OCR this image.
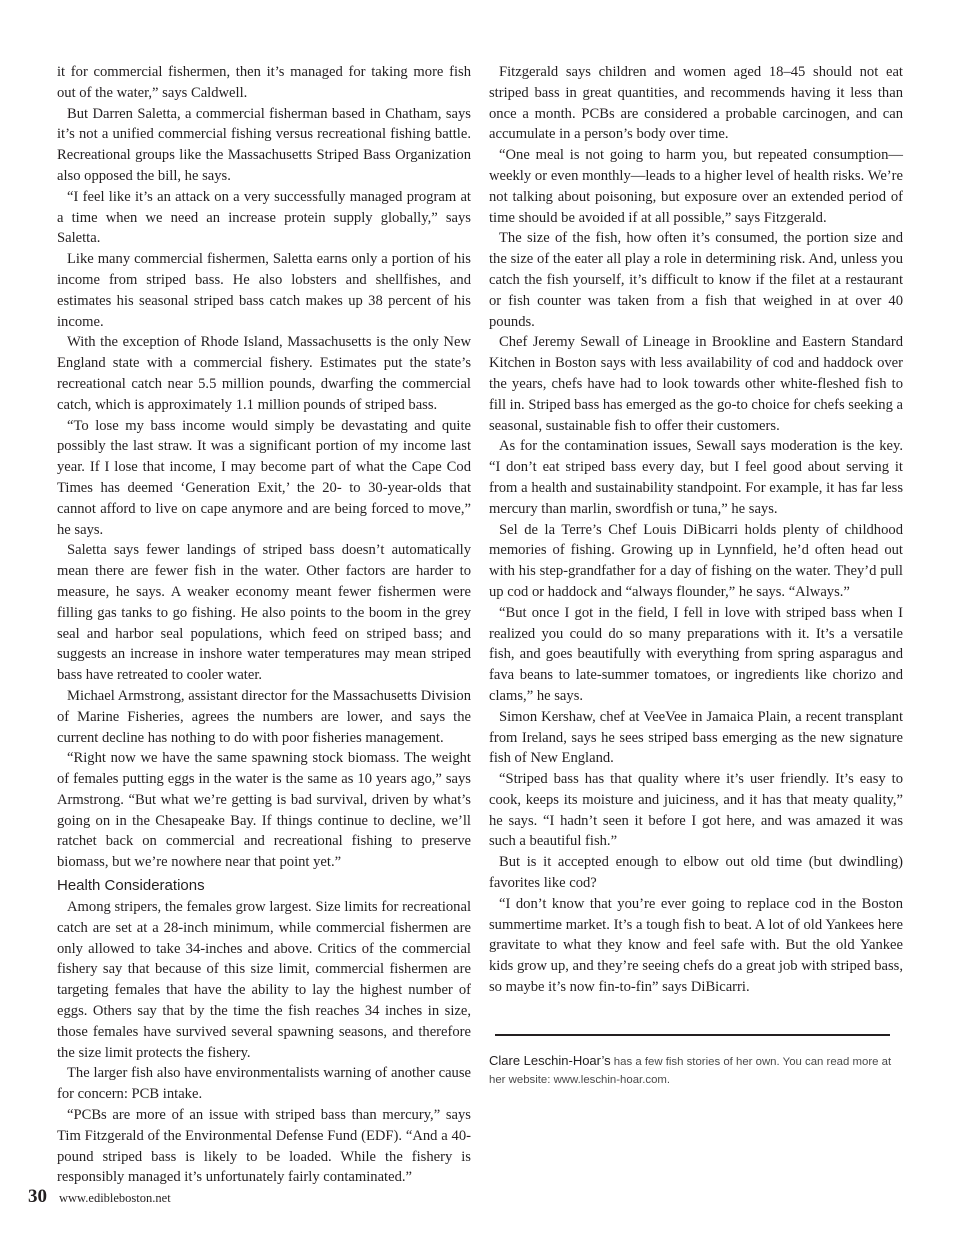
it for commercial fishermen, then it’s managed for taking more fish out of the water,” says Caldwell.

But Darren Saletta, a commercial fisherman based in Chatham, says it’s not a unified commercial fishing versus recreational fishing battle. Recreational groups like the Massachusetts Striped Bass Organization also opposed the bill, he says.

“I feel like it’s an attack on a very successfully managed program at a time when we need an increase protein supply globally,” says Saletta.

Like many commercial fishermen, Saletta earns only a portion of his income from striped bass. He also lobsters and shellfishes, and estimates his seasonal striped bass catch makes up 38 percent of his income.

With the exception of Rhode Island, Massachusetts is the only New England state with a commercial fishery. Estimates put the state’s recreational catch near 5.5 million pounds, dwarfing the commercial catch, which is approximately 1.1 million pounds of striped bass.

“To lose my bass income would simply be devastating and quite possibly the last straw. It was a significant portion of my income last year. If I lose that income, I may become part of what the Cape Cod Times has deemed ‘Generation Exit,’ the 20- to 30-year-olds that cannot afford to live on cape anymore and are being forced to move,” he says.

Saletta says fewer landings of striped bass doesn’t automatically mean there are fewer fish in the water. Other factors are harder to measure, he says. A weaker economy meant fewer fishermen were filling gas tanks to go fishing. He also points to the boom in the grey seal and harbor seal populations, which feed on striped bass; and suggests an increase in inshore water temperatures may mean striped bass have retreated to cooler water.

Michael Armstrong, assistant director for the Massachusetts Division of Marine Fisheries, agrees the numbers are lower, and says the current decline has nothing to do with poor fisheries management.

“Right now we have the same spawning stock biomass. The weight of females putting eggs in the water is the same as 10 years ago,” says Armstrong. “But what we’re getting is bad survival, driven by what’s going on in the Chesapeake Bay. If things continue to decline, we’ll ratchet back on commercial and recreational fishing to preserve biomass, but we’re nowhere near that point yet.”

Health Considerations

Among stripers, the females grow largest. Size limits for recreational catch are set at a 28-inch minimum, while commercial fishermen are only allowed to take 34-inches and above. Critics of the commercial fishery say that because of this size limit, commercial fishermen are targeting females that have the ability to lay the highest number of eggs. Others say that by the time the fish reaches 34 inches in size, those females have survived several spawning seasons, and therefore the size limit protects the fishery.

The larger fish also have environmentalists warning of another cause for concern: PCB intake.

“PCBs are more of an issue with striped bass than mercury,” says Tim Fitzgerald of the Environmental Defense Fund (EDF). “And a 40-pound striped bass is likely to be loaded. While the fishery is responsibly managed it’s unfortunately fairly contaminated.”

Fitzgerald says children and women aged 18–45 should not eat striped bass in great quantities, and recommends having it less than once a month. PCBs are considered a probable carcinogen, and can accumulate in a person’s body over time.

“One meal is not going to harm you, but repeated consumption—weekly or even monthly—leads to a higher level of health risks. We’re not talking about poisoning, but exposure over an extended period of time should be avoided if at all possible,” says Fitzgerald.

The size of the fish, how often it’s consumed, the portion size and the size of the eater all play a role in determining risk. And, unless you catch the fish yourself, it’s difficult to know if the filet at a restaurant or fish counter was taken from a fish that weighed in at over 40 pounds.

Chef Jeremy Sewall of Lineage in Brookline and Eastern Standard Kitchen in Boston says with less availability of cod and haddock over the years, chefs have had to look towards other white-fleshed fish to fill in. Striped bass has emerged as the go-to choice for chefs seeking a seasonal, sustainable fish to offer their customers.

As for the contamination issues, Sewall says moderation is the key. “I don’t eat striped bass every day, but I feel good about serving it from a health and sustainability standpoint. For example, it has far less mercury than marlin, swordfish or tuna,” he says.

Sel de la Terre’s Chef Louis DiBicarri holds plenty of childhood memories of fishing. Growing up in Lynnfield, he’d often head out with his step-grandfather for a day of fishing on the water. They’d pull up cod or haddock and “always flounder,” he says. “Always.”

“But once I got in the field, I fell in love with striped bass when I realized you could do so many preparations with it. It’s a versatile fish, and goes beautifully with everything from spring asparagus and fava beans to late-summer tomatoes, or ingredients like chorizo and clams,” he says.

Simon Kershaw, chef at VeeVee in Jamaica Plain, a recent transplant from Ireland, says he sees striped bass emerging as the new signature fish of New England.

“Striped bass has that quality where it’s user friendly. It’s easy to cook, keeps its moisture and juiciness, and it has that meaty quality,” he says. “I hadn’t seen it before I got here, and was amazed it was such a beautiful fish.”

But is it accepted enough to elbow out old time (but dwindling) favorites like cod?

“I don’t know that you’re ever going to replace cod in the Boston summertime market. It’s a tough fish to beat. A lot of old Yankees here gravitate to what they know and feel safe with. But the old Yankee kids grow up, and they’re seeing chefs do a great job with striped bass, so maybe it’s now fin-to-fin” says DiBicarri.

Clare Leschin-Hoar’s has a few fish stories of her own. You can read more at her website: www.leschin-hoar.com.
30 www.edibleboston.net
